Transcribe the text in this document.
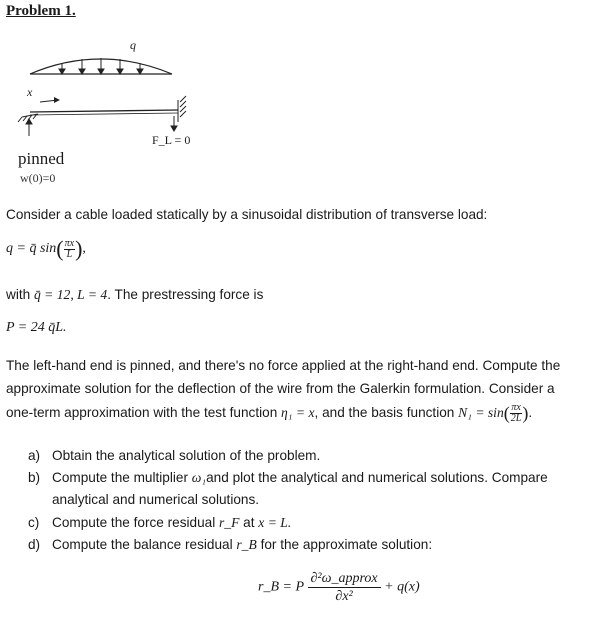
Problem 1.
q
x
F_L = 0
pinned
w(0)=0
Consider a cable loaded statically by a sinusoidal distribution of transverse load:
q = q̄ $\sin( \frac{\pi x}{L}$ ),
with q̄ = 12, L = 4. The prestressing force is
P = 24 q̄L.
The left-hand end is pinned, and there's no force applied at the right-hand end. Compute the
approximate solution for the deflection of the wire from the Galerkin formulation. Consider a
one-term approximation with the test function η₁ = x, and the basis function $N_1 = \sin( \frac{\pi x}{2L}$ ).
a) Obtain the analytical solution of the problem.
b) Compute the multiplier ω₁and plot the analytical and numerical solutions. Compare
analytical and numerical solutions.
c) Compute the force residual r_F at x = L.
d) Compute the balance residual r_B for the approximate solution:
r_B = P $\frac{\text{∂²ω\_approx}}{\text{∂x²}} + q(x)$
